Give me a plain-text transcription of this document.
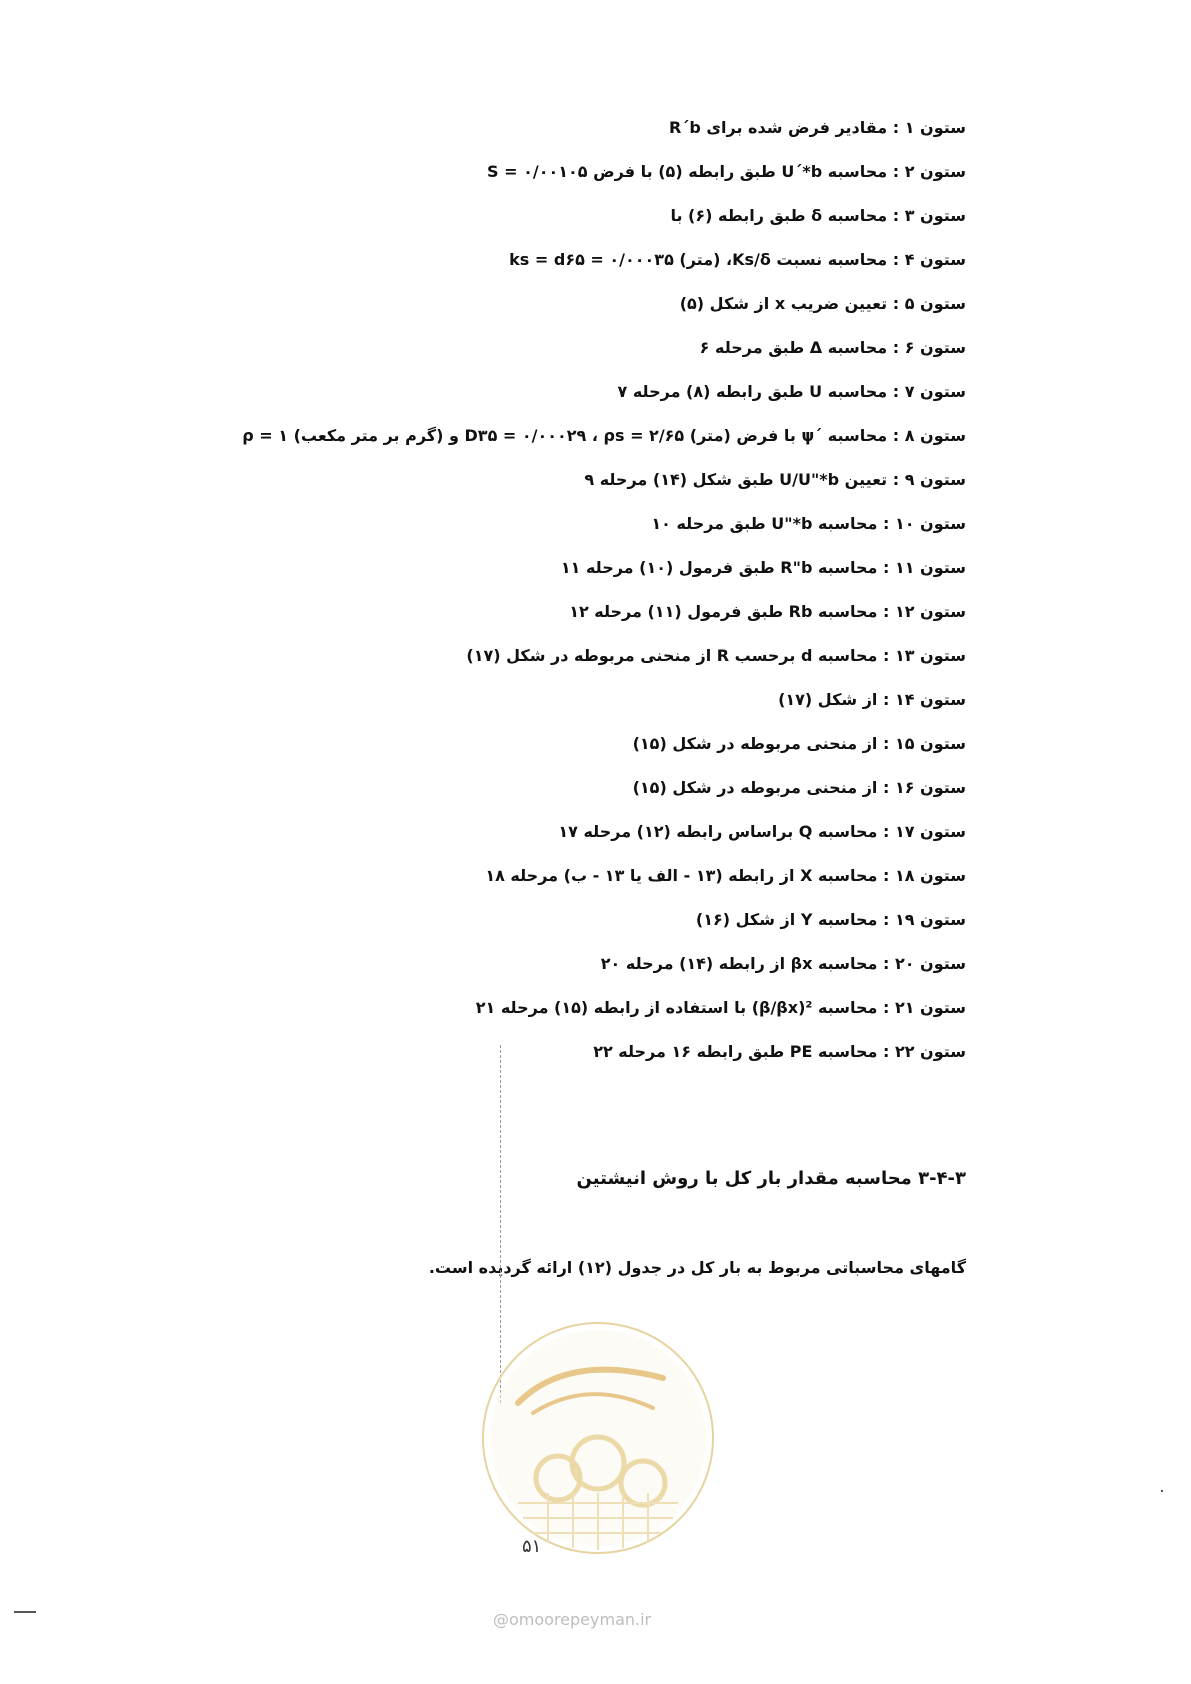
ستون ۱ : مقادیر فرض شده برای R´b
ستون ۲ : محاسبه U´*b طبق رابطه (۵) با فرض S = ۰/۰۰۱۰۵
ستون ۳ : محاسبه δ طبق رابطه (۶) با
ستون ۴ : محاسبه نسبت Ks/δ، (متر) ks = d۶۵ = ۰/۰۰۰۳۵
ستون ۵ : تعیین ضریب x از شکل (۵)
ستون ۶ : محاسبه Δ طبق مرحله ۶
ستون ۷ : محاسبه U طبق رابطه (۸) مرحله ۷
ستون ۸ : محاسبه ´ψ با فرض (متر) D۳۵ = ۰/۰۰۰۲۹ ، ρs = ۲/۶۵ و (گرم بر متر مکعب) ρ = ۱
ستون ۹ : تعیین U/U"*b طبق شکل (۱۴) مرحله ۹
ستون ۱۰ : محاسبه U"*b طبق مرحله ۱۰
ستون ۱۱ : محاسبه R"b طبق فرمول (۱۰) مرحله ۱۱
ستون ۱۲ : محاسبه Rb طبق فرمول (۱۱) مرحله ۱۲
ستون ۱۳ : محاسبه d برحسب R از منحنی مربوطه در شکل (۱۷)
ستون ۱۴ : از شکل (۱۷)
ستون ۱۵ : از منحنی مربوطه در شکل (۱۵)
ستون ۱۶ : از منحنی مربوطه در شکل (۱۵)
ستون ۱۷ : محاسبه Q براساس رابطه (۱۲) مرحله ۱۷
ستون ۱۸ : محاسبه X از رابطه (۱۳ - الف یا ۱۳ - ب) مرحله ۱۸
ستون ۱۹ : محاسبه Y از شکل (۱۶)
ستون ۲۰ : محاسبه βx از رابطه (۱۴) مرحله ۲۰
ستون ۲۱ : محاسبه ²(β/βx) با استفاده از رابطه (۱۵) مرحله ۲۱
ستون ۲۲ : محاسبه PE طبق رابطه ۱۶ مرحله ۲۲
۳-۴-۳ محاسبه مقدار بار کل با روش انیشتین
گامهای محاسباتی مربوط به بار کل در جدول (۱۲) ارائه گردیده است.
۵۱
@omoorepeyman.ir
